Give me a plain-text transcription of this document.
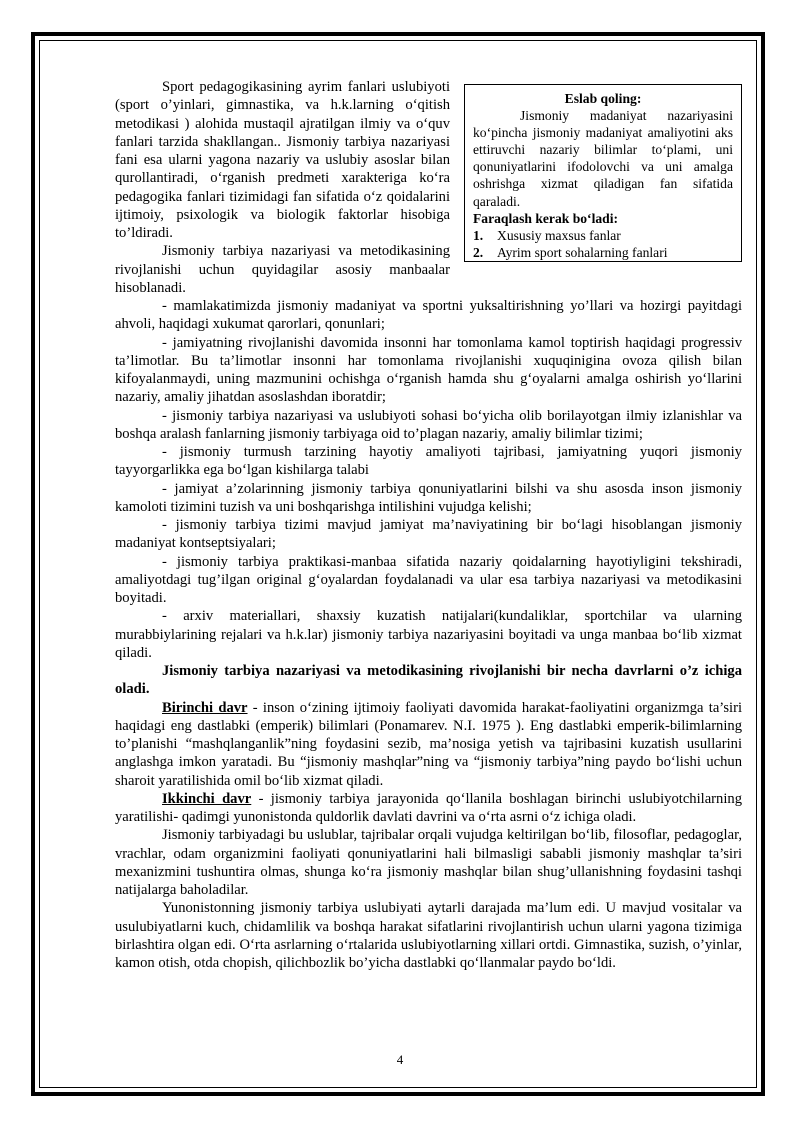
Eslab qoling:
Jismoniy madaniyat nazariyasini ko‘pincha jismoniy madaniyat amaliyotini aks ettiruvchi nazariy bilimlar to‘plami, uni qonuniyatlarini ifodolovchi va uni amalga oshrishga xizmat qiladigan fan sifatida qaraladi.
Faraqlash kerak bo‘ladi:
1. Xususiy maxsus fanlar
2. Ayrim sport sohalarning fanlari

Sport pedagogikasining ayrim fanlari uslubiyoti (sport o’yinlari, gimnastika, va h.k.larning o‘qitish metodikasi ) alohida mustaqil ajratilgan ilmiy va o‘quv fanlari tarzida shakllangan.. Jismoniy tarbiya nazariyasi fani esa ularni yagona nazariy va uslubiy asoslar bilan qurollantiradi, o‘rganish predmeti xarakteriga ko‘ra pedagogika fanlari tizimidagi fan sifatida o‘z qoidalarini ijtimoiy, psixologik va biologik faktorlar hisobiga to’ldiradi.

Jismoniy tarbiya nazariyasi va metodikasining rivojlanishi uchun quyidagilar asosiy manbaalar hisoblanadi.

- mamlakatimizda jismoniy madaniyat va sportni yuksaltirishning yo’llari va hozirgi payitdagi ahvoli, haqidagi xukumat qarorlari, qonunlari;

- jamiyatning rivojlanishi davomida insonni har tomonlama kamol toptirish haqidagi progressiv ta’limotlar. Bu ta’limotlar insonni har tomonlama rivojlanishi xuquqinigina ovoza qilish bilan kifoyalanmaydi, uning mazmunini ochishga o‘rganish hamda shu g‘oyalarni amalga oshirish yo‘llarini nazariy, amaliy jihatdan asoslashdan iboratdir;

- jismoniy tarbiya nazariyasi va uslubiyoti sohasi bo‘yicha olib borilayotgan ilmiy izlanishlar va boshqa aralash fanlarning jismoniy tarbiyaga oid to’plagan nazariy, amaliy bilimlar tizimi;

- jismoniy turmush tarzining hayotiy amaliyoti tajribasi, jamiyatning yuqori jismoniy tayyorgarlikka ega bo‘lgan kishilarga talabi

- jamiyat a’zolarinning jismoniy tarbiya qonuniyatlarini bilshi va shu asosda inson jismoniy kamoloti tizimini tuzish va uni boshqarishga intilishini vujudga kelishi;

- jismoniy tarbiya tizimi mavjud jamiyat ma’naviyatining bir bo‘lagi hisoblangan jismoniy madaniyat kontseptsiyalari;

- jismoniy tarbiya praktikasi-manbaa sifatida nazariy qoidalarning hayotiyligini tekshiradi, amaliyotdagi tug’ilgan original g‘oyalardan foydalanadi va ular esa tarbiya nazariyasi va metodikasini boyitadi.

- arxiv materiallari, shaxsiy kuzatish natijalari(kundaliklar, sportchilar va ularning murabbiylarining rejalari va h.k.lar) jismoniy tarbiya nazariyasini boyitadi va unga manbaa bo‘lib xizmat qiladi.

Jismoniy tarbiya nazariyasi va metodikasining rivojlanishi bir necha davrlarni o’z ichiga oladi.

Birinchi davr - inson o‘zining ijtimoiy faoliyati davomida harakat-faoliyatini organizmga ta’siri haqidagi eng dastlabki (emperik) bilimlari (Ponamarev. N.I. 1975 ). Eng dastlabki emperik-bilimlarning to’planishi “mashqlanganlik”ning foydasini sezib, ma’nosiga yetish va tajribasini kuzatish usullarini anglashga imkon yaratadi. Bu “jismoniy mashqlar”ning va “jismoniy tarbiya”ning paydo bo‘lishi uchun sharoit yaratilishida omil bo‘lib xizmat qiladi.

Ikkinchi davr - jismoniy tarbiya jarayonida qo‘llanila boshlagan birinchi uslubiyotchilarning yaratilishi- qadimgi yunonistonda quldorlik davlati davrini va o‘rta asrni o‘z ichiga oladi.

Jismoniy tarbiyadagi bu uslublar, tajribalar orqali vujudga keltirilgan bo‘lib, filosoflar, pedagoglar, vrachlar, odam organizmini faoliyati qonuniyatlarini hali bilmasligi sababli jismoniy mashqlar ta’siri mexanizmini tushuntira olmas, shunga ko‘ra jismoniy mashqlar bilan shug’ullanishning foydasini tashqi natijalarga baholadilar.

Yunonistonning jismoniy tarbiya uslubiyati aytarli darajada ma’lum edi. U mavjud vositalar va usulubiyatlarni kuch, chidamlilik va boshqa harakat sifatlarini rivojlantirish uchun ularni yagona tizimiga birlashtira olgan edi. O‘rta asrlarning o‘rtalarida uslubiyotlarning xillari ortdi. Gimnastika, suzish, o’yinlar, kamon otish, otda chopish, qilichbozlik bo’yicha dastlabki qo‘llanmalar paydo bo‘ldi.

4
